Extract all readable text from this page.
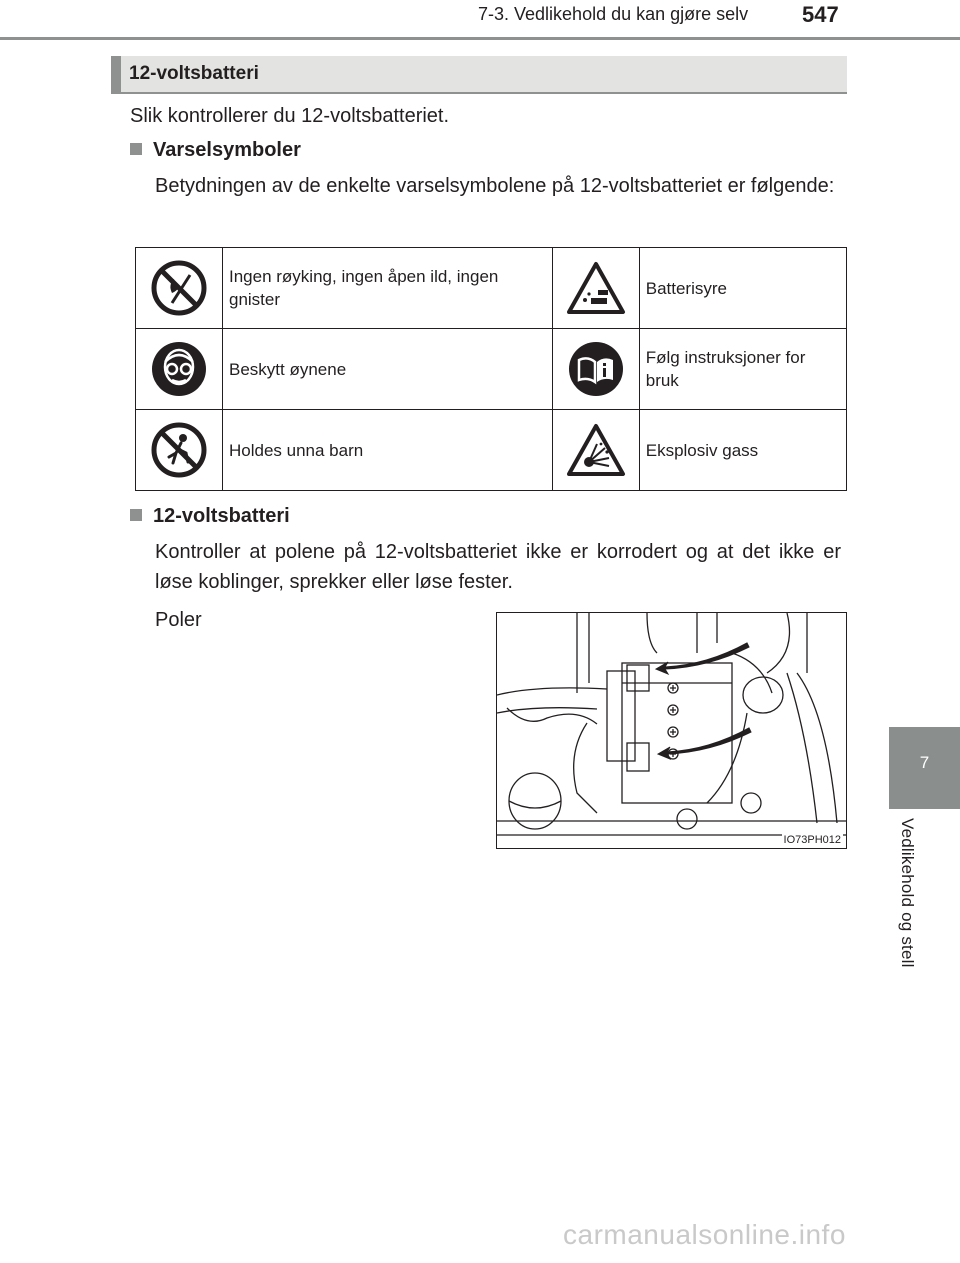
7-3. Vedlikehold du kan gjøre selv	547
7
Vedlikehold og stell
12-voltsbatteri
Slik kontrollerer du 12-voltsbatteriet.
Varselsymboler
Betydningen av de enkelte varselsymbolene på 12-voltsbatteriet er følgende:
	Ingen røyking, ingen åpen ild, ingen gnister		Batterisyre

	Beskytt øynene		Følg instruksjoner for bruk

	Holdes unna barn		Eksplosiv gass
12-voltsbatteri
Kontroller at polene på 12-voltsbatteriet ikke er korrodert og at det ikke er løse koblinger, sprekker eller løse fester.
Poler
IO73PH012
carmanualsonline.info
